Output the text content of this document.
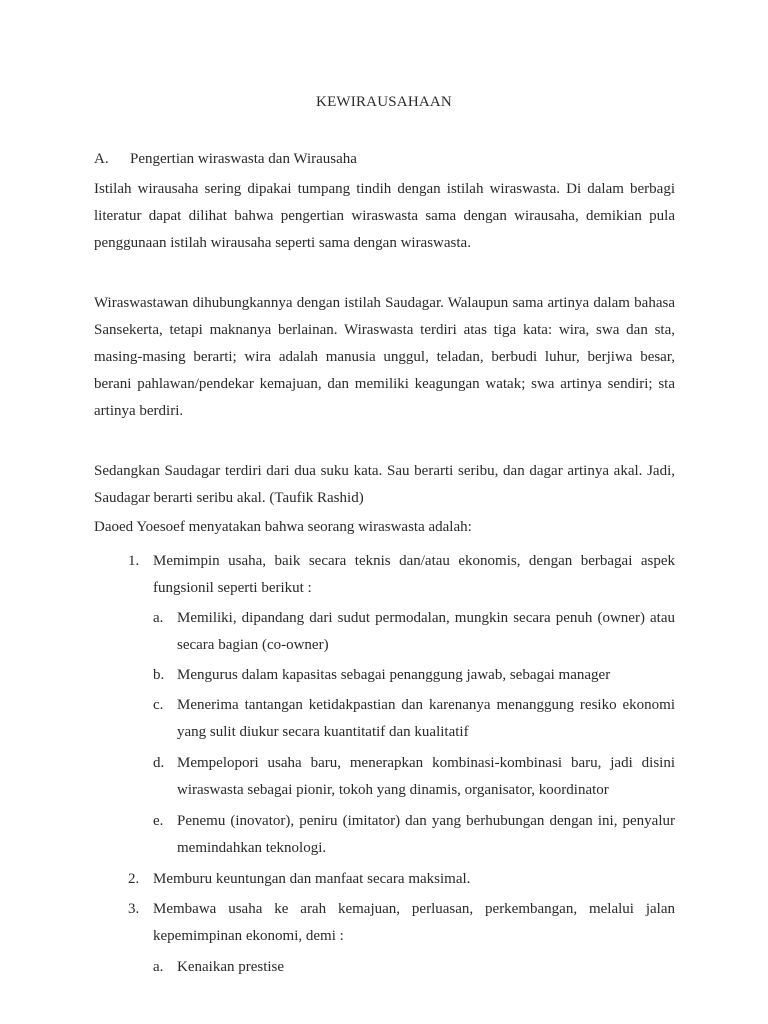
KEWIRAUSAHAAN
A. Pengertian wiraswasta dan Wirausaha

Istilah wirausaha sering dipakai tumpang tindih dengan istilah wiraswasta. Di dalam berbagi literatur dapat dilihat bahwa pengertian wiraswasta sama dengan wirausaha, demikian pula penggunaan istilah wirausaha seperti sama dengan wiraswasta.

Wiraswastawan dihubungkannya dengan istilah Saudagar. Walaupun sama artinya dalam bahasa Sansekerta, tetapi maknanya berlainan. Wiraswasta terdiri atas tiga kata: wira, swa dan sta, masing-masing berarti; wira adalah manusia unggul, teladan, berbudi luhur, berjiwa besar, berani pahlawan/pendekar kemajuan, dan memiliki keagungan watak; swa artinya sendiri; sta artinya berdiri.

Sedangkan Saudagar terdiri dari dua suku kata. Sau berarti seribu, dan dagar artinya akal. Jadi, Saudagar berarti seribu akal. (Taufik Rashid)

Daoed Yoesoef menyatakan bahwa seorang wiraswasta adalah:

1. Memimpin usaha, baik secara teknis dan/atau ekonomis, dengan berbagai aspek fungsionil seperti berikut :
a. Memiliki, dipandang dari sudut permodalan, mungkin secara penuh (owner) atau secara bagian (co-owner)
b. Mengurus dalam kapasitas sebagai penanggung jawab, sebagai manager
c. Menerima tantangan ketidakpastian dan karenanya menanggung resiko ekonomi yang sulit diukur secara kuantitatif dan kualitatif
d. Mempelopori usaha baru, menerapkan kombinasi-kombinasi baru, jadi disini wiraswasta sebagai pionir, tokoh yang dinamis, organisator, koordinator
e. Penemu (inovator), peniru (imitator) dan yang berhubungan dengan ini, penyalur memindahkan teknologi.
2. Memburu keuntungan dan manfaat secara maksimal.
3. Membawa usaha ke arah kemajuan, perluasan, perkembangan, melalui jalan kepemimpinan ekonomi, demi :
a. Kenaikan prestise
